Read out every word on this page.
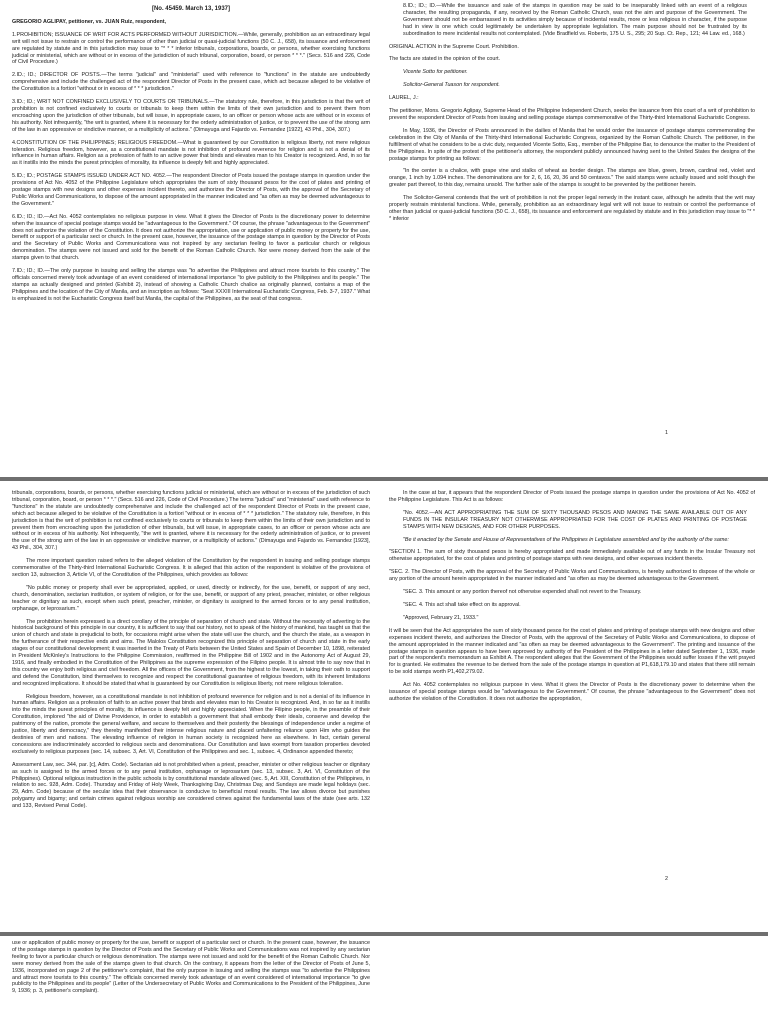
[No. 45459. March 13, 1937]

GREGORIO AGLIPAY, petitioner, vs. JUAN Ruiz, respondent,

1.PROHIBITION; ISSUANCE OF WRIT FOR ACTS PERFORMED WITHOUT JURISDICTION.—While, generally, prohibition as an extraordinary legal writ will not issue to restrain or control the performance of other than judicial or quasi-judicial functions (50 C. J., 658), its issuance and enforcement are regulated by statute and in this jurisdiction may issue to "* * * inferior tribunals, corporations, boards, or persons, whether exercising functions judicial or ministerial, which are without or in excess of the jurisdiction of such tribunal, corporation, board, or person * * *." (Secs. 516 and 226, Code of Civil Procedure.)

2.ID.; ID.; DIRECTOR OF POSTS.—The terms "judicial" and "ministerial" used with reference to "functions" in the statute are undoubtedly comprehensive and include the challenged act of the respondent Director of Posts in the present case, which act because alleged to be violative of the Constitution is a fortiori "without or in excess of * * * jurisdiction."

3.ID.; ID.; WRIT NOT CONFINED EXCLUSIVELY TO COURTS OR TRIBUNALS.—The statutory rule, therefore, in this jurisdiction is that the writ of prohibition is not confined exclusively to courts or tribunals to keep them within the limits of their own jurisdiction and to prevent them from encroaching upon the jurisdiction of other tribunals, but will issue, in appropriate cases, to an officer or person whose acts are without or in excess of his authority. Not infrequently, "the writ is granted, where it is necessary for the orderly administration of justice, or to prevent the use of the strong arm of the law in an oppressive or vindictive manner, or a multiplicity of actions." (Dimayuga and Fajardo vs. Fernandez [1922], 43 Phil., 304, 307.)

4.CONSTITUTION OF THE PHILIPPINES; RELIGIOUS FREEDOM.—What is guaranteed by our Constitution is religious liberty, not mere religious toleration. Religious freedom, however, as a constitutional mandate is not inhibition of profound reverence for religion and is not a denial of its influence in human affairs. Religion as a profession of faith to an active power that binds and elevates man to his Creator is recognized. And, in so far as it instills into the minds the purest principles of morality, its influence is deeply felt and highly appreciated.

5.ID.; ID.; POSTAGE STAMPS ISSUED UNDER ACT NO. 4052.—The respondent Director of Posts issued the postage stamps in question under the provisions of Act No. 4052 of the Philippine Legislature which appropriates the sum of sixty thousand pesos for the cost of plates and printing of postage stamps with new designs and other expenses incident thereto, and authorizes the Director of Posts, with the approval of the Secretary of Public Works and Communications, to dispose of the amount appropriated in the manner indicated and "as often as may be deemed advantageous to the Government."

6.ID.; ID.; ID.—Act No. 4052 contemplates no religious purpose in view. What it gives the Director of Posts is the discretionary power to determine when the issuance of special postage stamps would be "advantageous to the Government." Of course, the phrase "advantageous to the Government" does not authorize the violation of the Constitution. It does not authorize the appropriation, use or application of public money or property for the use, benefit or support of a particular sect or church. In the present case, however, the issuance of the postage stamps in question by the Director of Posts and the Secretary of Public Works and Communications was not inspired by any sectarian feeling to favor a particular church or religious denomination. The stamps were not issued and sold for the benefit of the Roman Catholic Church. Nor were money derived from the sale of the stamps given to that church.

7.ID.; ID.; ID.—The only purpose in issuing and selling the stamps was "to advertise the Philippines and attract more tourists to this country." The officials concerned merely took advantage of an event considered of international importance "to give publicity to the Philippines and its people." The stamps as actually designed and printed (Exhibit 2), instead of showing a Catholic Church chalice as originally planned, contains a map of the Philippines and the location of the City of Manila, and an inscription as follows: "Seat XXXIII International Eucharistic Congress, Feb. 3-7, 1937." What is emphasized is not the Eucharistic Congress itself but Manila, the capital of the Philippines, as the seat of that congress.

8.ID.; ID.; ID.—While the issuance and sale of the stamps in question may be said to be inseparably linked with an event of a religious character, the resulting propaganda, if any, received by the Roman Catholic Church, was not the aim and purpose of the Government. The Government should not be embarrassed in its activities simply because of incidental results, more or less religious in character, if the purpose had in view is one which could legitimately be undertaken by appropriate legislation. The main purpose should not be frustrated by its subordination to mere incidental results not contemplated. (Vide Bradfield vs. Roberts, 175 U. S., 295; 20 Sup. Ct. Rep., 121; 44 Law. ed., 168.)

ORIGINAL ACTION in the Supreme Court. Prohibition.

The facts are stated in the opinion of the court.

Vicente Sotto for petitioner.

Solicitor-General Tuason for respondent.

LAUREL, J.:

The petitioner, Mons. Gregorio Aglipay, Supreme Head of the Philippine Independent Church, seeks the issuance from this court of a writ of prohibition to prevent the respondent Director of Posts from issuing and selling postage stamps commemorative of the Thirty-third International Eucharistic Congress.

In May, 1936, the Director of Posts announced in the dailies of Manila that he would order the issuance of postage stamps commemorating the celebration in the City of Manila of the Thirty-third International Eucharistic Congress, organized by the Roman Catholic Church. The petitioner, in the fulfillment of what he considers to be a civic duty, requested Vicente Sotto, Esq., member of the Philippine Bar, to denounce the matter to the President of the Philippines. In spite of the protest of the petitioner's attorney, the respondent publicly announced having sent to the United States the designs of the postage stamps for printing as follows:

"In the center is a chalice, with grape vine and stalks of wheat as border design. The stamps are blue, green, brown, cardinal red, violet and orange, 1 inch by 1.094 inches. The denominations are for 2, 6, 16, 20, 36 and 50 centavos." The said stamps were actually issued and sold though the greater part thereof, to this day, remains unsold. The further sale of the stamps is sought to be prevented by the petitioner herein.

The Solicitor-General contends that the writ of prohibition is not the proper legal remedy in the instant case, although he admits that the writ may properly restrain ministerial functions. While, generally, prohibition as an extraordinary legal writ will not issue to restrain or control the performance of other than judicial or quasi-judicial functions (50 C. J., 658), its issuance and enforcement are regulated by statute and in this jurisdiction may issue to "* * * inferior

1

tribunals, corporations, boards, or persons, whether exercising functions judicial or ministerial, which are without or in excess of the jurisdiction of such tribunal, corporation, board, or person * * *." (Secs. 516 and 226, Code of Civil Procedure.) The terms "judicial" and "ministerial" used with reference to "functions" in the statute are undoubtedly comprehensive and include the challenged act of the respondent Director of Posts in the present case, which act because alleged to be violative of the Constitution is a fortiori "without or in excess of * * * jurisdiction." The statutory rule, therefore, in this jurisdiction is that the writ of prohibition is not confined exclusively to courts or tribunals to keep them within the limits of their own jurisdiction and to prevent them from encroaching upon the jurisdiction of other tribunals, but will issue, in appropriate cases, to an officer or person whose acts are without or in excess of his authority. Not infrequently, "the writ is granted, where it is necessary for the orderly administration of justice, or to prevent the use of the strong arm of the law in an oppressive or vindictive manner, or a multiplicity of actions." (Dimayuga and Fajardo vs. Fernandez [1923], 43 Phil., 304, 307.)

The more important question raised refers to the alleged violation of the Constitution by the respondent in issuing and selling postage stamps commemorative of the Thirty-third International Eucharistic Congress. It is alleged that this action of the respondent is violative of the provisions of section 13, subsection 3, Article VI, of the Constitution of the Philippines, which provides as follows:

"No public money or property shall ever be appropriated, applied, or used, directly or indirectly, for the use, benefit, or support of any sect, church, denomination, sectarian institution, or system of religion, or for the use, benefit, or support of any priest, preacher, minister, or other religious teacher or dignitary as such, except when such priest, preacher, minister, or dignitary is assigned to the armed forces or to any penal institution, orphanage, or leprosarium."

The prohibition herein expressed is a direct corollary of the principle of separation of church and state. Without the necessity of adverting to the historical background of this principle in our country, it is sufficient to say that our history, not to speak of the history of mankind, has taught us that the union of church and state is prejudicial to both, for occasions might arise when the state will use the church, and the church the state, as a weapon in the furtherance of their respective ends and aims. The Malolos Constitution recognized this principle of separation of church and state in the early stages of our constitutional development; it was inserted in the Treaty of Paris between the United States and Spain of December 10, 1898, reiterated in President McKinley's Instructions to the Philippine Commission, reaffirmed in the Philippine Bill of 1902 and in the Autonomy Act of August 29, 1916, and finally embodied in the Constitution of the Philippines as the supreme expression of the Filipino people. It is almost trite to say now that in this country we enjoy both religious and civil freedom. All the officers of the Government, from the highest to the lowest, in taking their oath to support and defend the Constitution, bind themselves to recognize and respect the constitutional guarantee of religious freedom, with its inherent limitations and recognized implications. It should be stated that what is guaranteed by our Constitution is religious liberty, not mere religious toleration.

Religious freedom, however, as a constitutional mandate is not inhibition of profound reverence for religion and is not a denial of its influence in human affairs. Religion as a profession of faith to an active power that binds and elevates man to his Creator is recognized. And, in so far as it instills into the minds the purest principles of morality, its influence is deeply felt and highly appreciated. When the Filipino people, in the preamble of their Constitution, implored "the aid of Divine Providence, in order to establish a government that shall embody their ideals, conserve and develop the patrimony of the nation, promote the general welfare, and secure to themselves and their posterity the blessings of independence under a regime of justice, liberty and democracy," they thereby manifested their intense religious nature and placed unfaltering reliance upon Him who guides the destinies of men and nations. The elevating influence of religion in human society is recognized here as elsewhere. In fact, certain general concessions are indiscriminately accorded to religious sects and denominations. Our Constitution and laws exempt from taxation properties devoted exclusively to religious purposes (sec. 14, subsec. 3, Art. VI, Constitution of the Philippines and sec. 1, subsec. 4, Ordinance appended thereto;

Assessment Law, sec. 344, par. [c], Adm. Code). Sectarian aid is not prohibited when a priest, preacher, minister or other religious teacher or dignitary as such is assigned to the armed forces or to any penal institution, orphanage or leprosarium (sec. 13, subsec. 3, Art. VI, Constitution of the Philippines). Optional religious instruction in the public schools is by constitutional mandate allowed (sec. 5, Art. XIII, Constitution of the Philippines, in relation to sec. 928, Adm. Code). Thursday and Friday of Holy Week, Thanksgiving Day, Christmas Day, and Sundays are made legal holidays (sec. 29, Adm. Code) because of the secular idea that their observance is conducive to beneficial moral results. The law allows divorce but punishes polygamy and bigamy; and certain crimes against religious worship are considered crimes against the fundamental laws of the state (see arts. 132 and 133, Revised Penal Code).

In the case at bar, it appears that the respondent Director of Posts issued the postage stamps in question under the provisions of Act No. 4052 of the Philippine Legislature. This Act is as follows:

"No. 4052.—AN ACT APPROPRIATING THE SUM OF SIXTY THOUSAND PESOS AND MAKING THE SAME AVAILABLE OUT OF ANY FUNDS IN THE INSULAR TREASURY NOT OTHERWISE APPROPRIATED FOR THE COST OF PLATES AND PRINTING OF POSTAGE STAMPS WITH NEW DESIGNS, AND FOR OTHER PURPOSES.

"Be it enacted by the Senate and House of Representatives of the Philippines in Legislature assembled and by the authority of the same:

"SECTION 1. The sum of sixty thousand pesos is hereby appropriated and made immediately available out of any funds in the Insular Treasury not otherwise appropriated, for the cost of plates and printing of postage stamps with new designs, and other expenses incident thereto.

"SEC. 2. The Director of Posts, with the approval of the Secretary of Public Works and Communications, is hereby authorized to dispose of the whole or any portion of the amount herein appropriated in the manner indicated and "as often as may be deemed advantageous to the Government.

"SEC. 3. This amount or any portion thereof not otherwise expended shall not revert to the Treasury.

"SEC. 4. This act shall take effect on its approval.

"Approved, February 21, 1933."

It will be seen that the Act appropriates the sum of sixty thousand pesos for the cost of plates and printing of postage stamps with new designs and other expenses incident thereto, and authorizes the Director of Posts, with the approval of the Secretary of Public Works and Communications, to dispose of the amount appropriated in the manner indicated and "as often as may be deemed advantageous to the Government". The printing and issuance of the postage stamps in question appears to have been approved by authority of the President of the Philippines in a letter dated September 1, 1936, made part of the respondent's memorandum as Exhibit A. The respondent alleges that the Government of the Philippines would suffer losses if the writ prayed for is granted. He estimates the revenue to be derived from the sale of the postage stamps in question at P1,618,179.10 and states that there still remain to be sold stamps worth P1,402,279.02.

Act No. 4052 contemplates no religious purpose in view. What it gives the Director of Posts is the discretionary power to determine when the issuance of special postage stamps would be "advantageous to the Government." Of course, the phrase "advantageous to the Government" does not authorize the violation of the Constitution. It does not authorize the appropriation,

2

use or application of public money or property for the use, benefit or support of a particular sect or church. In the present case, however, the issuance of the postage stamps in question by the Director of Posts and the Secretary of Public Works and Communications was not inspired by any sectarian feeling to favor a particular church or religious denomination. The stamps were not issued and sold for the benefit of the Roman Catholic Church. Nor were money derived from the sale of the stamps given to that church. On the contrary, it appears from the letter of the Director of Posts of June 5, 1936, incorporated on page 2 of the petitioner's complaint, that the only purpose in issuing and selling the stamps was "to advertise the Philippines and attract more tourists to this country." The officials concerned merely took advantage of an event considered of international importance "to give publicity to the Philippines and its people" (Letter of the Undersecretary of Public Works and Communications to the President of the Philippines, June 9, 1936; p. 3, petitioner's complaint).
